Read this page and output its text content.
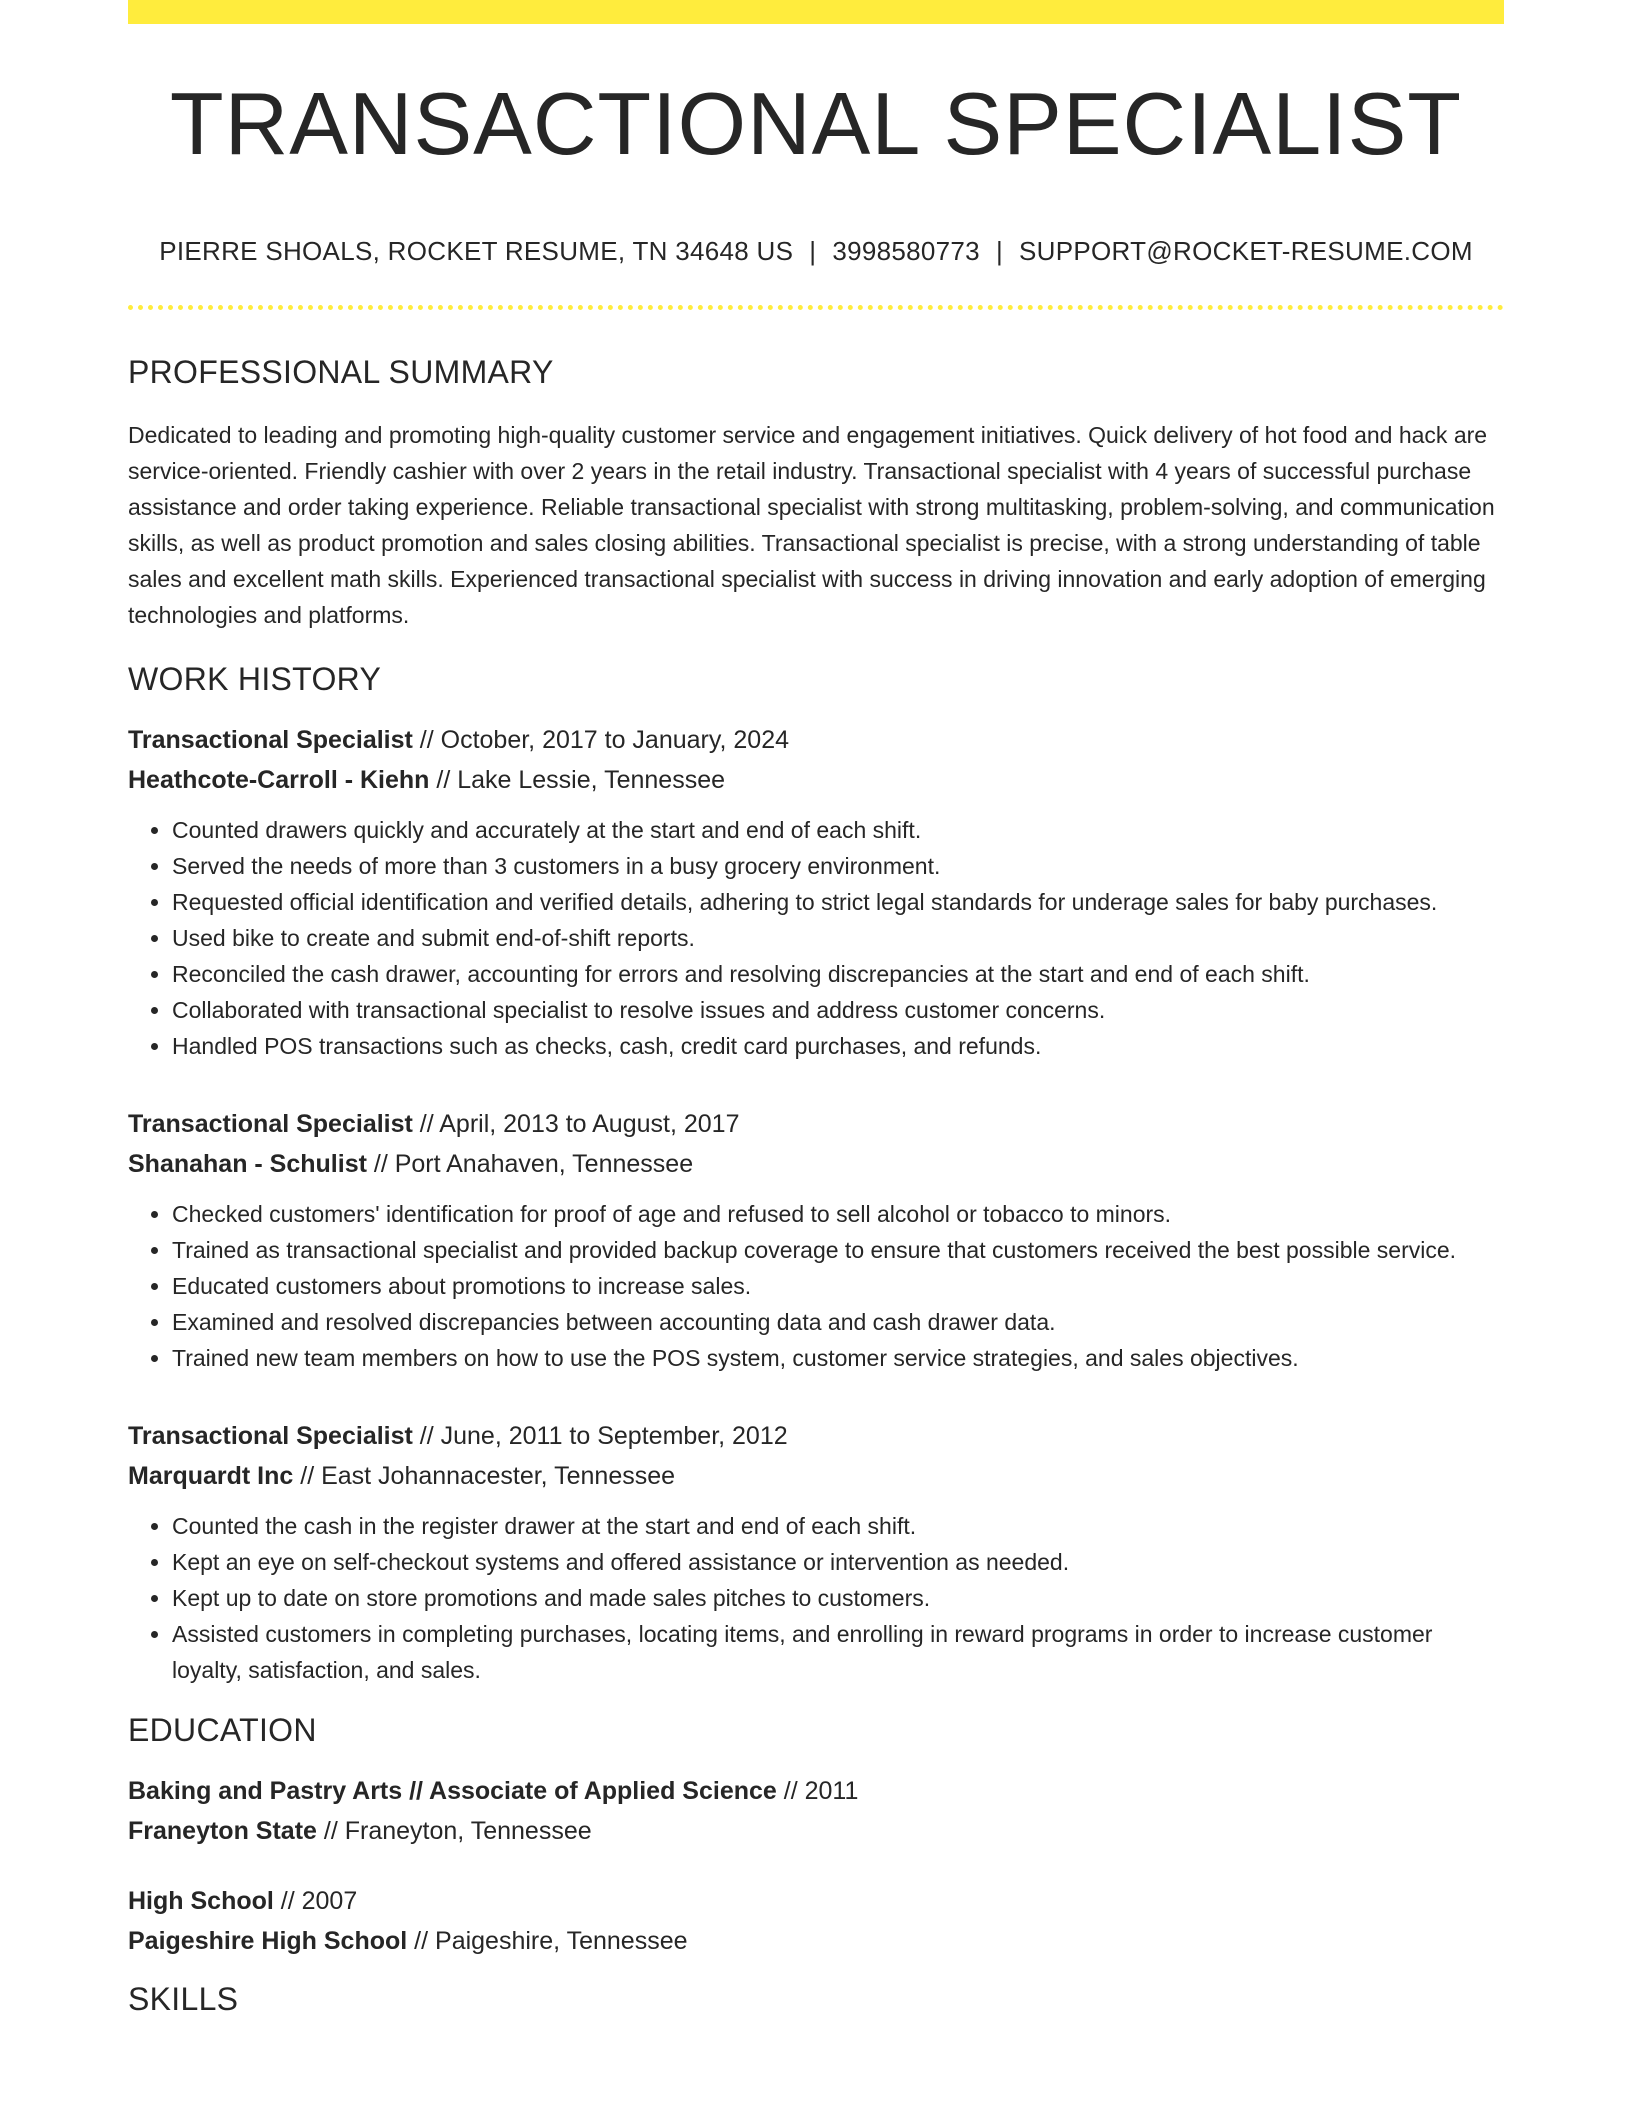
TRANSACTIONAL SPECIALIST
PIERRE SHOALS, ROCKET RESUME, TN 34648 US | 3998580773 | SUPPORT@ROCKET-RESUME.COM
PROFESSIONAL SUMMARY

Dedicated to leading and promoting high-quality customer service and engagement initiatives. Quick delivery of hot food and hack are service-oriented. Friendly cashier with over 2 years in the retail industry. Transactional specialist with 4 years of successful purchase assistance and order taking experience. Reliable transactional specialist with strong multitasking, problem-solving, and communication skills, as well as product promotion and sales closing abilities. Transactional specialist is precise, with a strong understanding of table sales and excellent math skills. Experienced transactional specialist with success in driving innovation and early adoption of emerging technologies and platforms.

WORK HISTORY
Transactional Specialist // October, 2017 to January, 2024
Heathcote-Carroll - Kiehn // Lake Lessie, Tennessee
• Counted drawers quickly and accurately at the start and end of each shift.
• Served the needs of more than 3 customers in a busy grocery environment.
• Requested official identification and verified details, adhering to strict legal standards for underage sales for baby purchases.
• Used bike to create and submit end-of-shift reports.
• Reconciled the cash drawer, accounting for errors and resolving discrepancies at the start and end of each shift.
• Collaborated with transactional specialist to resolve issues and address customer concerns.
• Handled POS transactions such as checks, cash, credit card purchases, and refunds.
Transactional Specialist // April, 2013 to August, 2017
Shanahan - Schulist // Port Anahaven, Tennessee
• Checked customers' identification for proof of age and refused to sell alcohol or tobacco to minors.
• Trained as transactional specialist and provided backup coverage to ensure that customers received the best possible service.
• Educated customers about promotions to increase sales.
• Examined and resolved discrepancies between accounting data and cash drawer data.
• Trained new team members on how to use the POS system, customer service strategies, and sales objectives.
Transactional Specialist // June, 2011 to September, 2012
Marquardt Inc // East Johannacester, Tennessee
• Counted the cash in the register drawer at the start and end of each shift.
• Kept an eye on self-checkout systems and offered assistance or intervention as needed.
• Kept up to date on store promotions and made sales pitches to customers.
• Assisted customers in completing purchases, locating items, and enrolling in reward programs in order to increase customer loyalty, satisfaction, and sales.
EDUCATION
Baking and Pastry Arts // Associate of Applied Science // 2011
Franeyton State // Franeyton, Tennessee
High School // 2007
Paigeshire High School // Paigeshire, Tennessee
SKILLS
